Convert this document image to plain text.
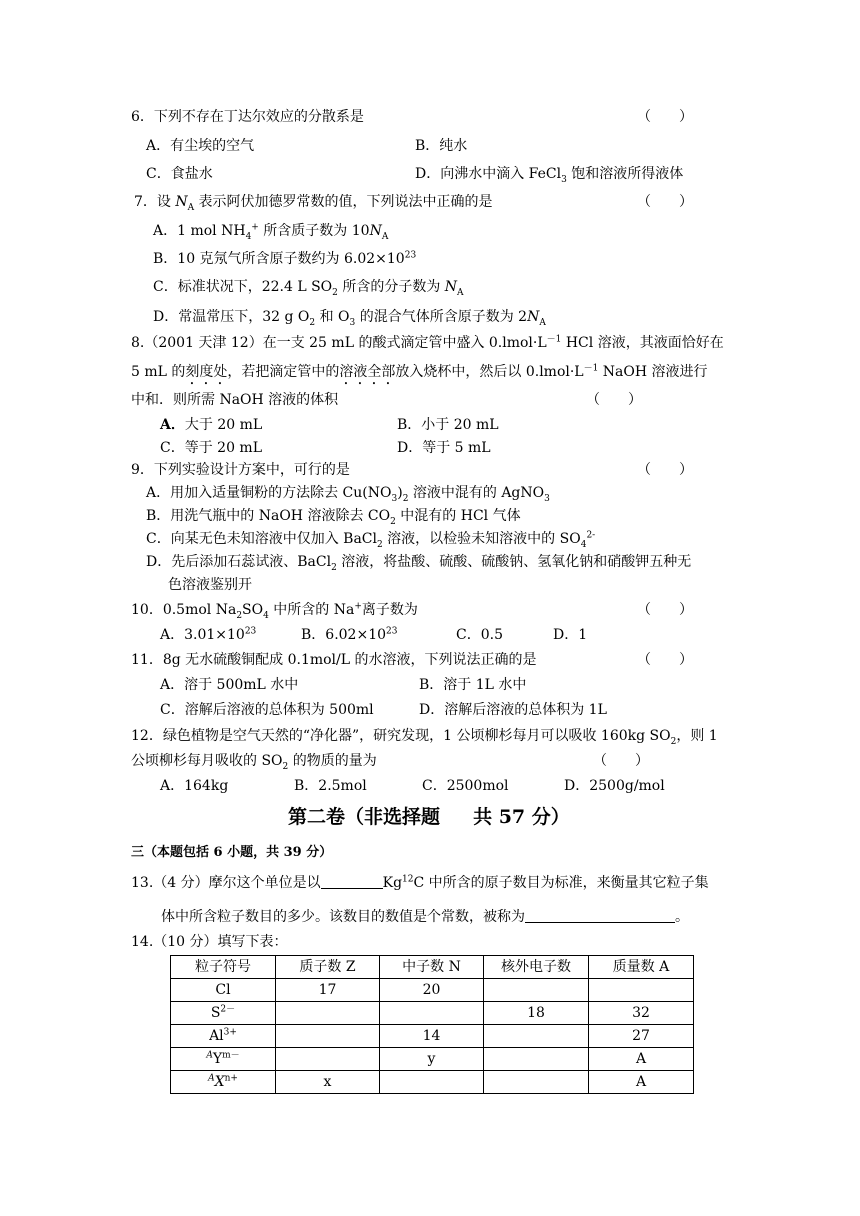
6．下列不存在丁达尔效应的分散系是	（　　）
A．有尘埃的空气	B．纯水
C．食盐水	D．向沸水中滴入 FeCl$_3$ 饱和溶液所得液体
7．设 $N_A$ 表示阿伏加德罗常数的值，下列说法中正确的是	（　　）
A．1 mol $NH_4^+$ 所含质子数为 $10N_A$
B．10 克氖气所含原子数约为 $6.02\times 10^{23}$
C．标准状况下，22.4 L $SO_2$ 所含的分子数为 $N_A$
D．常温常压下，32 g $O_2$ 和 $O_3$ 的混合气体所含原子数为 $2N_A$
8.（2001 天津 12）在一支 25 mL 的酸式滴定管中盛入 $0.lmol\cdot L^{-1}$ HCl 溶液，其液面恰好在
5 mL 的刻度处，若把滴定管中的溶液全部放入烧杯中，然后以 $0.lmol\cdot L^{-1}$ NaOH 溶液进行
中和．则所需 NaOH 溶液的体积	（　　）
A．大于 20 mL	B．小于 20 mL
C．等于 20 mL	D．等于 5 mL
9．下列实验设计方案中，可行的是	（　　）
A．用加入适量铜粉的方法除去 $Cu(NO_3)_2$ 溶液中混有的 AgNO$_3$
B．用洗气瓶中的 NaOH 溶液除去 $CO_2$ 中混有的 HCl 气体
C．向某无色未知溶液中仅加入 BaCl$_2$ 溶液，以检验未知溶液中的 $SO_4^{2-}$
D．先后添加石蕊试液、BaCl$_2$ 溶液，将盐酸、硫酸、硫酸钠、氢氧化钠和硝酸钾五种无
色溶液鉴别开
10．0.5mol $Na_2SO_4$ 中所含的 Na+离子数为	（　　）
A．$3.01\times 10^{23}$	B．$6.02\times 10^{23}$	C．0.5	D．1
11．8g 无水硫酸铜配成 0.1mol/L 的水溶液，下列说法正确的是	（　　）
A．溶于 500mL 水中	B．溶于 1L 水中
C．溶解后溶液的总体积为 500ml	D．溶解后溶液的总体积为 1L
12．绿色植物是空气天然的“净化器”，研究发现，1 公顷柳杉每月可以吸收 160kg $SO_2$，则 1
公顷柳杉每月吸收的 $SO_2$ 的物质的量为	（　　）
A．164kg	B．2.5mol	C．2500mol	D．2500g/mol
第二卷（非选择题     共 57 分）
三（本题包括 6 小题，共 39 分）
13.（4 分）摩尔这个单位是以	Kg$^{12}$C 中所含的原子数目为标准，来衡量其它粒子集
体中所含粒子数目的多少。该数目的数值是个常数，被称为	。
14.（10 分）填写下表：
粒子符号	质子数 Z	中子数 N	核外电子数	质量数 A
Cl	17	20		
$S^{2-}$			18	32
$Al^{3+}$		14		27
$^AY^{m-}$		y		A
$^AX^{n+}$	x			A
